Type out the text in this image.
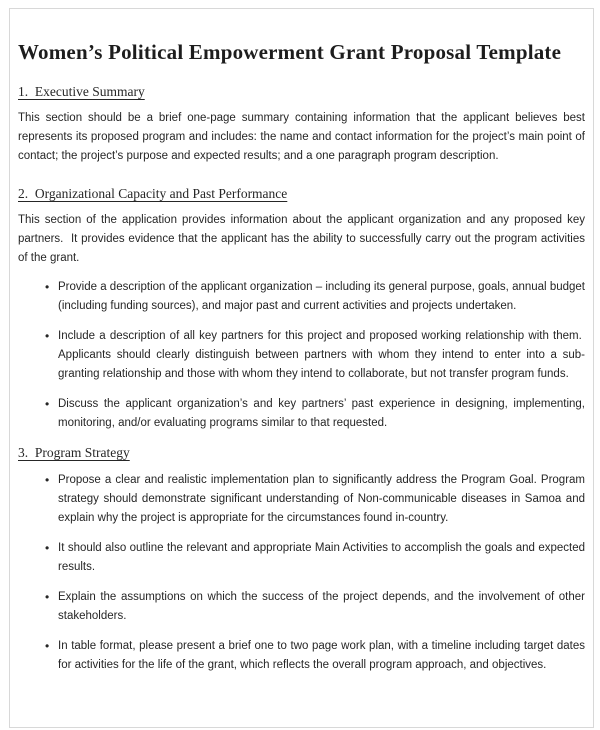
Women’s Political Empowerment Grant Proposal Template
1.  Executive Summary

This section should be a brief one-page summary containing information that the applicant believes best represents its proposed program and includes: the name and contact information for the project’s main point of contact; the project’s purpose and expected results; and a one paragraph program description.

2.  Organizational Capacity and Past Performance

This section of the application provides information about the applicant organization and any proposed key partners.  It provides evidence that the applicant has the ability to successfully carry out the program activities of the grant.

• Provide a description of the applicant organization – including its general purpose, goals, annual budget (including funding sources), and major past and current activities and projects undertaken.
• Include a description of all key partners for this project and proposed working relationship with them.  Applicants should clearly distinguish between partners with whom they intend to enter into a sub-granting relationship and those with whom they intend to collaborate, but not transfer program funds.
• Discuss the applicant organization’s and key partners’ past experience in designing, implementing, monitoring, and/or evaluating programs similar to that requested.
3.  Program Strategy
• Propose a clear and realistic implementation plan to significantly address the Program Goal. Program strategy should demonstrate significant understanding of Non-communicable diseases in Samoa and explain why the project is appropriate for the circumstances found in-country.
• It should also outline the relevant and appropriate Main Activities to accomplish the goals and expected results.
• Explain the assumptions on which the success of the project depends, and the involvement of other stakeholders.
• In table format, please present a brief one to two page work plan, with a timeline including target dates for activities for the life of the grant, which reflects the overall program approach, and objectives.
